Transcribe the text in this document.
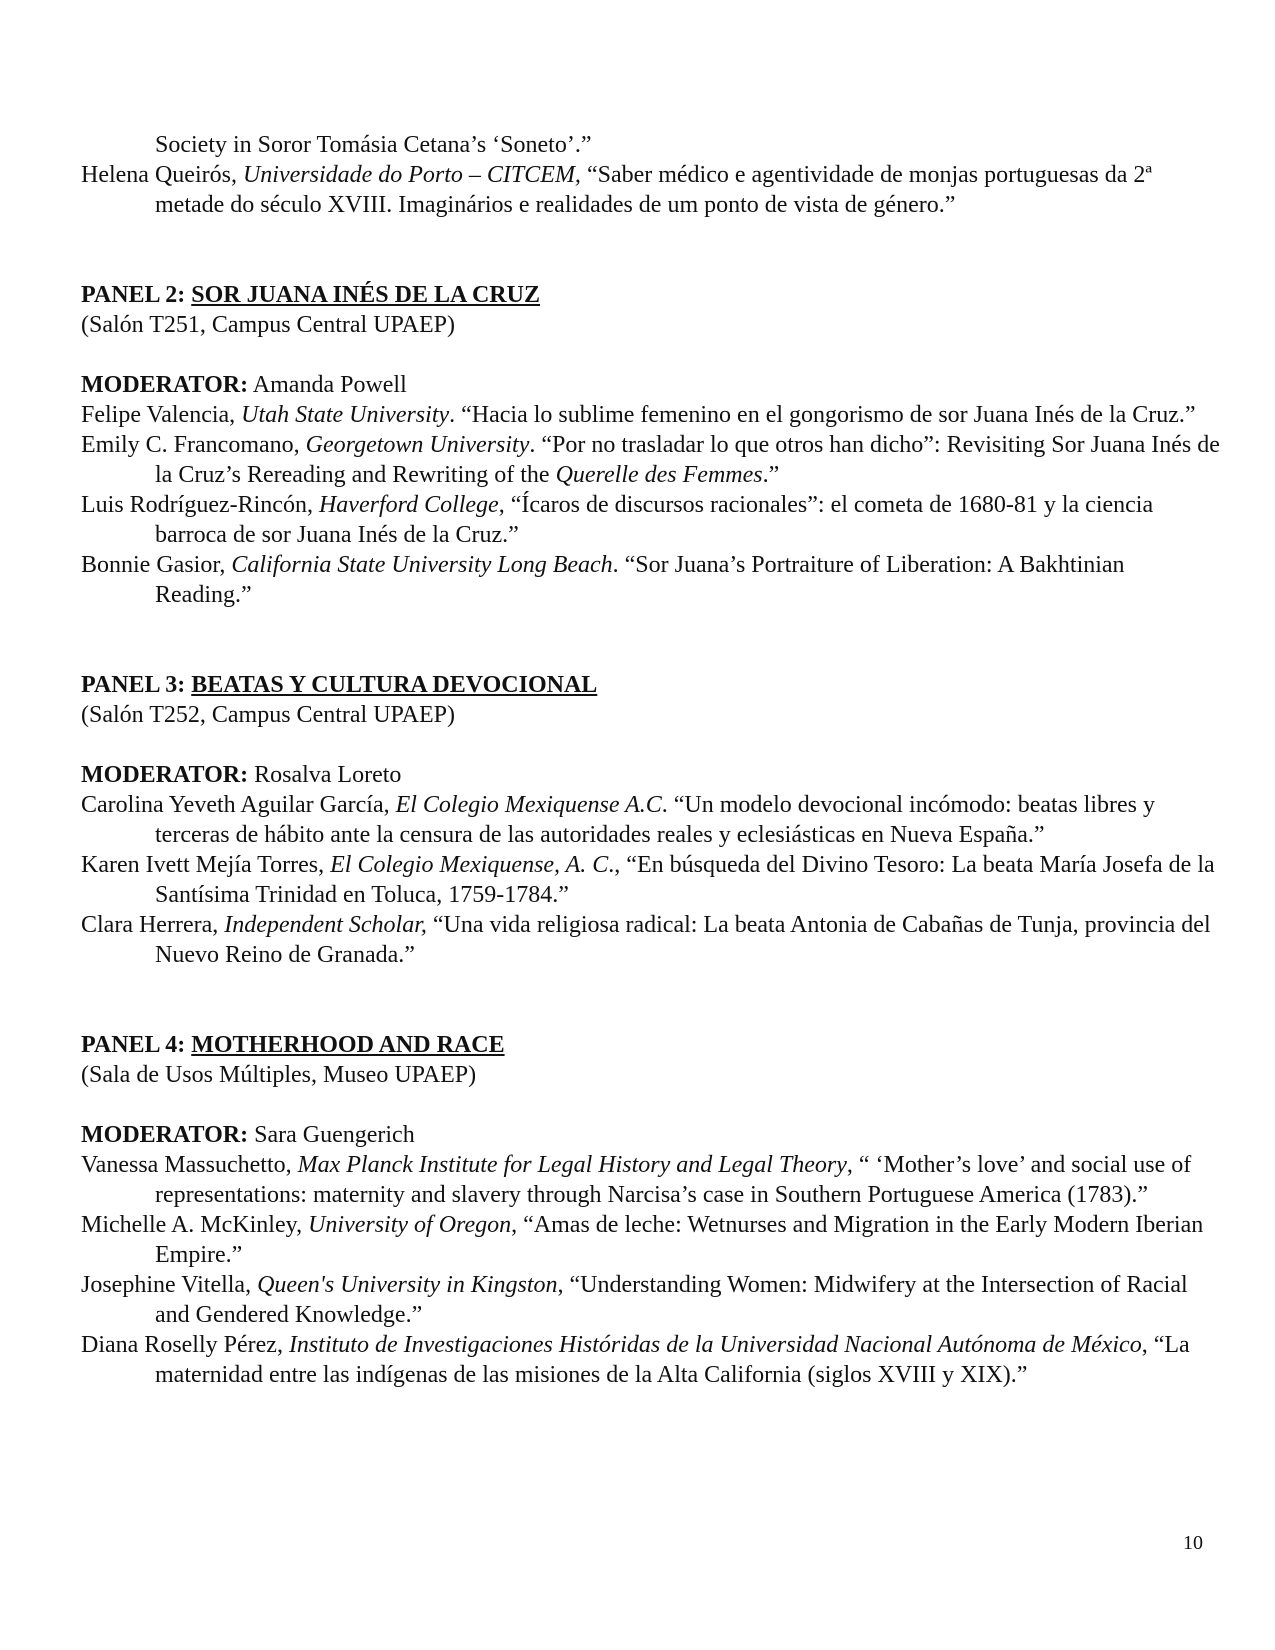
Society in Soror Tomásia Cetana’s ‘Soneto’.”
Helena Queirós, Universidade do Porto – CITCEM, “Saber médico e agentividade de monjas portuguesas da 2ª metade do século XVIII. Imaginários e realidades de um ponto de vista de género.”
PANEL 2: SOR JUANA INÉS DE LA CRUZ
(Salón T251, Campus Central UPAEP)
MODERATOR: Amanda Powell
Felipe Valencia, Utah State University. “Hacia lo sublime femenino en el gongorismo de sor Juana Inés de la Cruz.”
Emily C. Francomano, Georgetown University. “Por no trasladar lo que otros han dicho”: Revisiting Sor Juana Inés de la Cruz’s Rereading and Rewriting of the Querelle des Femmes.”
Luis Rodríguez-Rincón, Haverford College, “Ícaros de discursos racionales”: el cometa de 1680-81 y la ciencia barroca de sor Juana Inés de la Cruz.”
Bonnie Gasior, California State University Long Beach. “Sor Juana’s Portraiture of Liberation: A Bakhtinian Reading.”
PANEL 3: BEATAS Y CULTURA DEVOCIONAL
(Salón T252, Campus Central UPAEP)
MODERATOR: Rosalva Loreto
Carolina Yeveth Aguilar García, El Colegio Mexiquense A.C. “Un modelo devocional incómodo: beatas libres y terceras de hábito ante la censura de las autoridades reales y eclesiásticas en Nueva España.”
Karen Ivett Mejía Torres, El Colegio Mexiquense, A. C., “En búsqueda del Divino Tesoro: La beata María Josefa de la Santísima Trinidad en Toluca, 1759-1784.”
Clara Herrera, Independent Scholar, “Una vida religiosa radical: La beata Antonia de Cabañas de Tunja, provincia del Nuevo Reino de Granada.”
PANEL 4: MOTHERHOOD AND RACE
(Sala de Usos Múltiples, Museo UPAEP)
MODERATOR: Sara Guengerich
Vanessa Massuchetto, Max Planck Institute for Legal History and Legal Theory, “ ‘Mother’s love’ and social use of representations: maternity and slavery through Narcisa’s case in Southern Portuguese America (1783).”
Michelle A. McKinley, University of Oregon, “Amas de leche: Wetnurses and Migration in the Early Modern Iberian Empire.”
Josephine Vitella, Queen's University in Kingston, “Understanding Women: Midwifery at the Intersection of Racial and Gendered Knowledge.”
Diana Roselly Pérez, Instituto de Investigaciones Históridas de la Universidad Nacional Autónoma de México, “La maternidad entre las indígenas de las misiones de la Alta California (siglos XVIII y XIX).”
10
